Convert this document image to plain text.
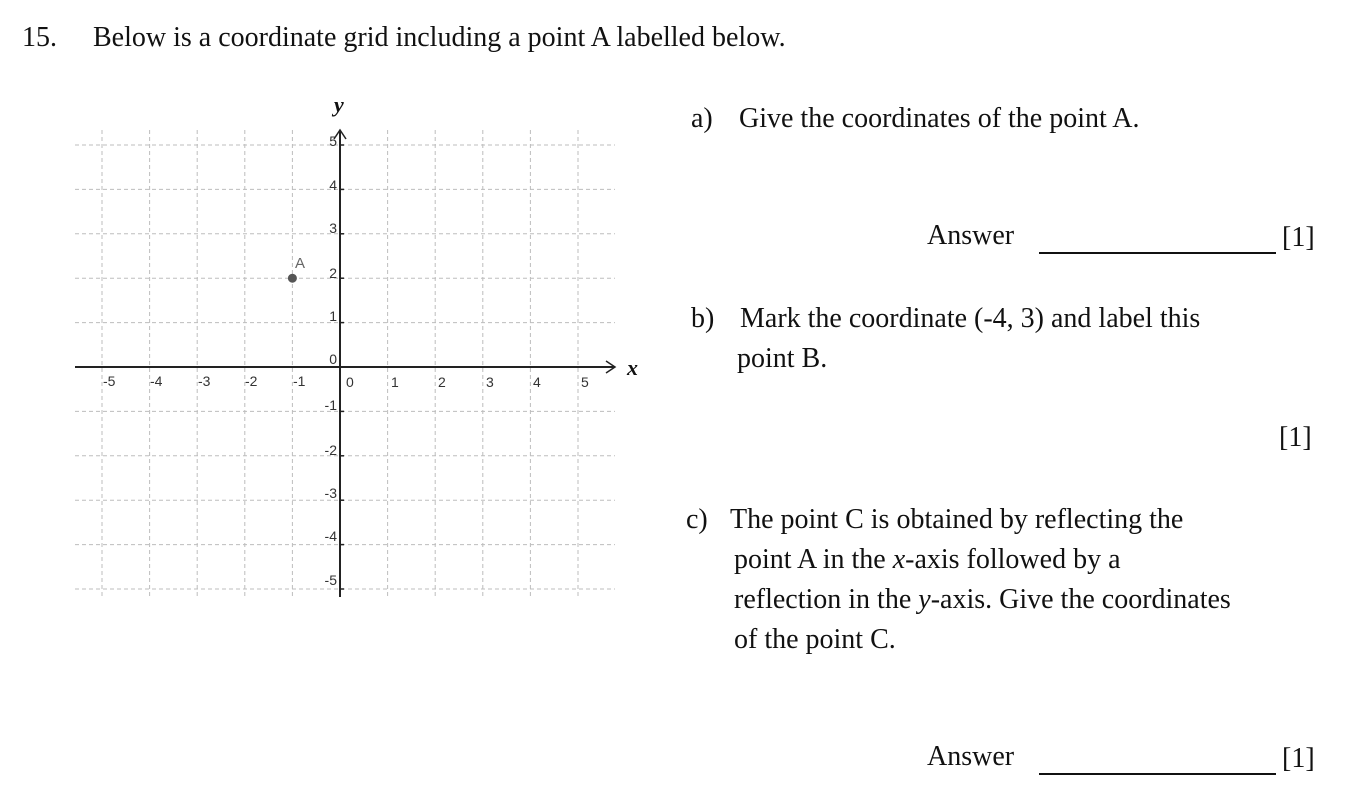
15. Below is a coordinate grid including a point A labelled below.
y
x
-5 -4	-3 -2	-1	0	1	2	3	4	5
5
4
3
2
1
0
-1
-2
-3
-4
-5
A
a) Give the coordinates of the point A.
Answer	[1]
b) Mark the coordinate (-4, 3) and label this
point B.
[1]
c) The point C is obtained by reflecting the
point A in the x-axis followed by a
reflection in the y-axis. Give the coordinates
of the point C.
Answer	[1]
